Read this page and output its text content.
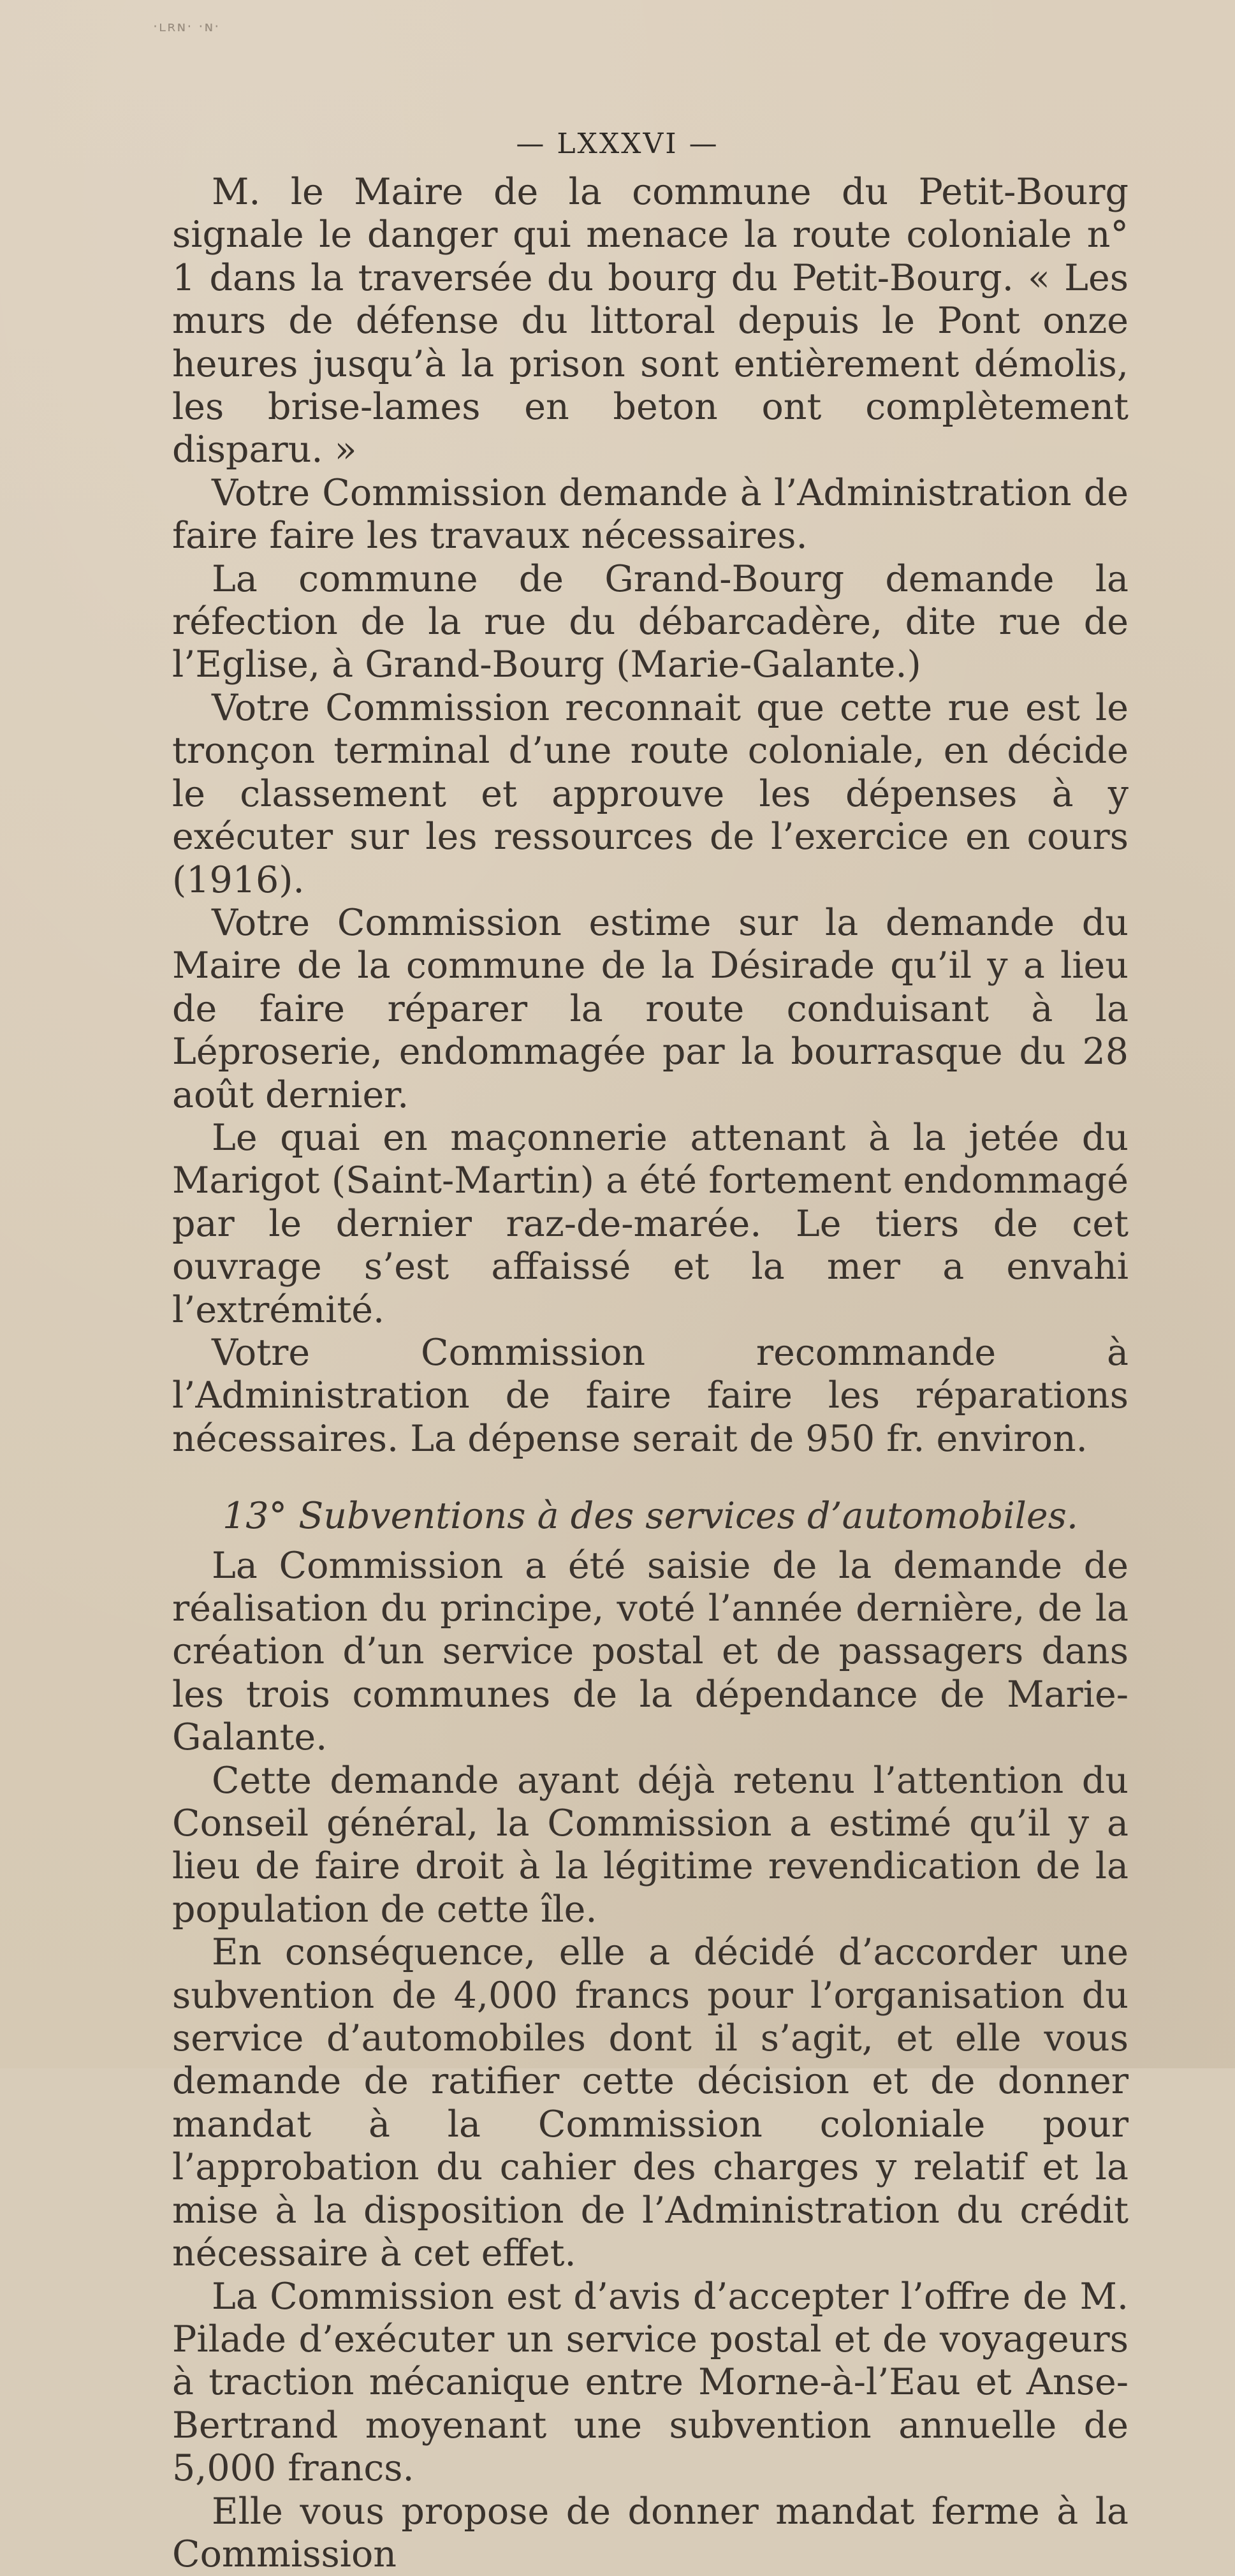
·ʟʀɴ· ·ɴ·
— LXXXVI —

M. le Maire de la commune du Petit-Bourg signale le danger qui menace la route coloniale n° 1 dans la traversée du bourg du Petit-Bourg. « Les murs de défense du littoral depuis le Pont onze heures jusqu’à la prison sont entièrement démolis, les brise-lames en beton ont complètement disparu. »

Votre Commission demande à l’Administration de faire faire les travaux nécessaires.

La commune de Grand-Bourg demande la réfection de la rue du débarcadère, dite rue de l’Eglise, à Grand-Bourg (Marie-Galante.)

Votre Commission reconnait que cette rue est le tronçon terminal d’une route coloniale, en décide le classement et approuve les dépenses à y exécuter sur les ressources de l’exercice en cours (1916).

Votre Commission estime sur la demande du Maire de la commune de la Désirade qu’il y a lieu de faire réparer la route conduisant à la Léproserie, endommagée par la bourrasque du 28 août dernier.

Le quai en maçonnerie attenant à la jetée du Marigot (Saint-Martin) a été fortement endommagé par le dernier raz-de-marée. Le tiers de cet ouvrage s’est affaissé et la mer a envahi l’extrémité.

Votre Commission recommande à l’Administration de faire faire les réparations nécessaires. La dépense serait de 950 fr. environ.

13° Subventions à des services d’automobiles.

La Commission a été saisie de la demande de réalisation du principe, voté l’année dernière, de la création d’un service postal et de passagers dans les trois communes de la dépendance de Marie-Galante.

Cette demande ayant déjà retenu l’attention du Conseil général, la Commission a estimé qu’il y a lieu de faire droit à la légitime revendication de la population de cette île.

En conséquence, elle a décidé d’accorder une subvention de 4,000 francs pour l’organisation du service d’automobiles dont il s’agit, et elle vous demande de ratifier cette décision et de donner mandat à la Commission coloniale pour l’approbation du cahier des charges y relatif et la mise à la disposition de l’Administration du crédit nécessaire à cet effet.

La Commission est d’avis d’accepter l’offre de M. Pilade d’exécuter un service postal et de voyageurs à traction mécanique entre Morne-à-l’Eau et Anse-Bertrand moyenant une subvention annuelle de 5,000 francs.

Elle vous propose de donner mandat ferme à la Commission
